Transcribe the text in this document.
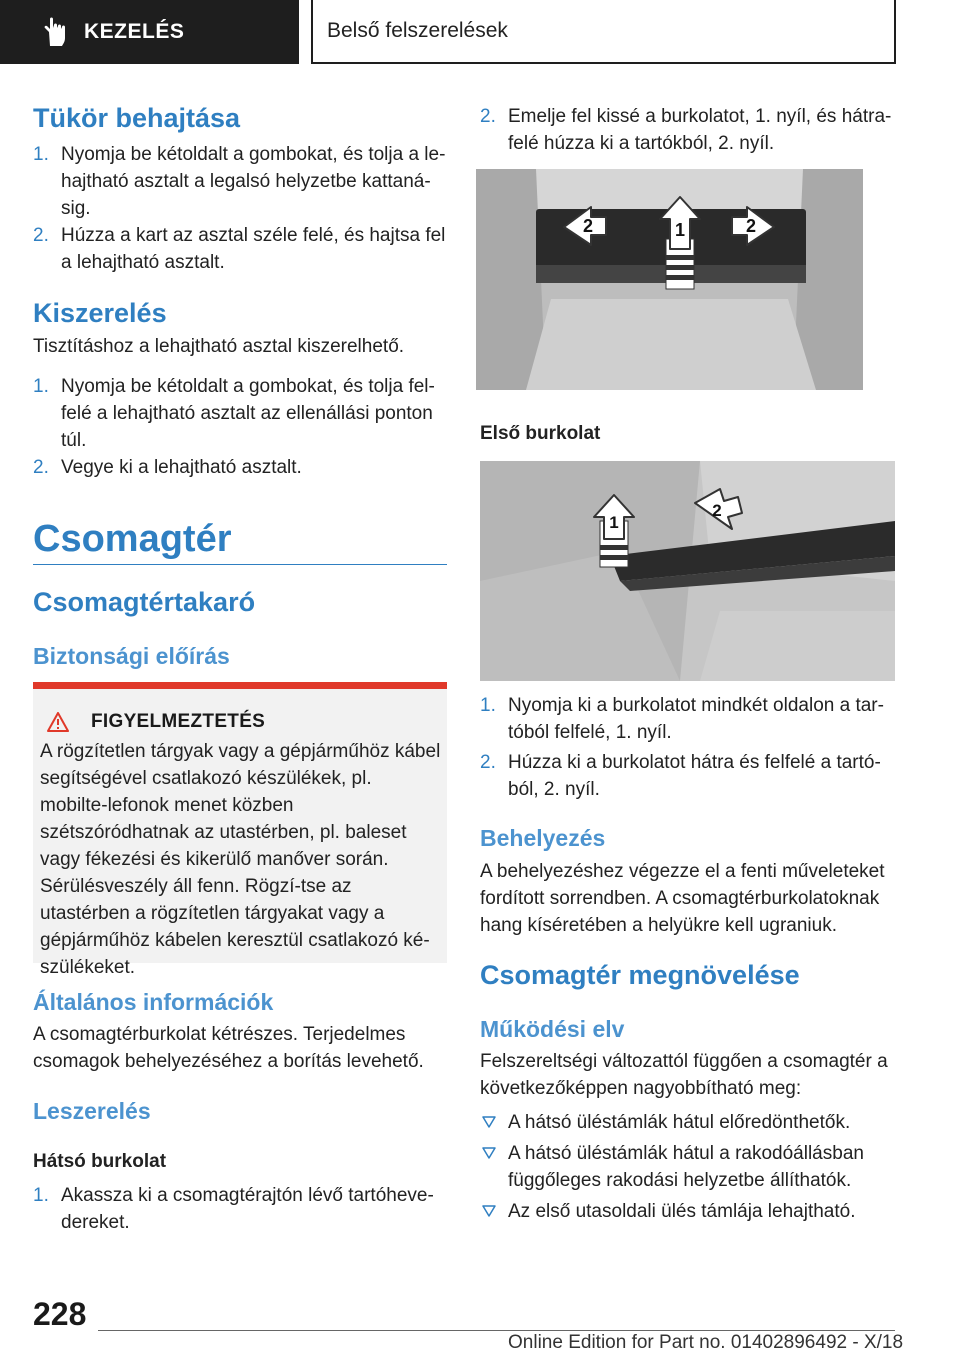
KEZELÉS	Belső felszerelések
Tükör behajtása
1. Nyomja be kétoldalt a gombokat, és tolja a le‐hajtható asztalt a legalsó helyzetbe kattaná‐sig.
2. Húzza a kart az asztal széle felé, és hajtsa fel a lehajtható asztalt.
Kiszerelés
Tisztításhoz a lehajtható asztal kiszerelhető.
1. Nyomja be kétoldalt a gombokat, és tolja fel‐felé a lehajtható asztalt az ellenállási ponton túl.
2. Vegye ki a lehajtható asztalt.
Csomagtér
Csomagtértakaró
Biztonsági előírás
FIGYELMEZTETÉS
A rögzítetlen tárgyak vagy a gépjárműhöz kábel segítségével csatlakozó készülékek, pl. mobilte‐lefonok menet közben szétszóródhatnak az utastérben, pl. baleset vagy fékezési és kikerülő manőver során. Sérülésveszély áll fenn. Rögzí‐tse az utastérben a rögzítetlen tárgyakat vagy a gépjárműhöz kábelen keresztül csatlakozó ké‐szülékeket.
Általános információk
A csomagtérburkolat kétrészes. Terjedelmes csomagok behelyezéséhez a borítás levehető.
Leszerelés
Hátsó burkolat
1. Akassza ki a csomagtérajtón lévő tartóheve‐dereket.
2. Emelje fel kissé a burkolatot, 1. nyíl, és hátra‐felé húzza ki a tartókból, 2. nyíl.
1
2	2
Első burkolat
1
2
1. Nyomja ki a burkolatot mindkét oldalon a tar‐tóból felfelé, 1. nyíl.
2. Húzza ki a burkolatot hátra és felfelé a tartó‐ból, 2. nyíl.
Behelyezés
A behelyezéshez végezze el a fenti műveleteket fordított sorrendben. A csomagtérburkolatoknak hang kíséretében a helyükre kell ugraniuk.
Csomagtér megnövelése
Működési elv
Felszereltségi változattól függően a csomagtér a következőképpen nagyobbítható meg:
A hátsó üléstámlák hátul előredönthetők.
A hátsó üléstámlák hátul a rakodóállásban függőleges rakodási helyzetbe állíthatók.
Az első utasoldali ülés támlája lehajtható.
228
Online Edition for Part no. 01402896492 - X/18
